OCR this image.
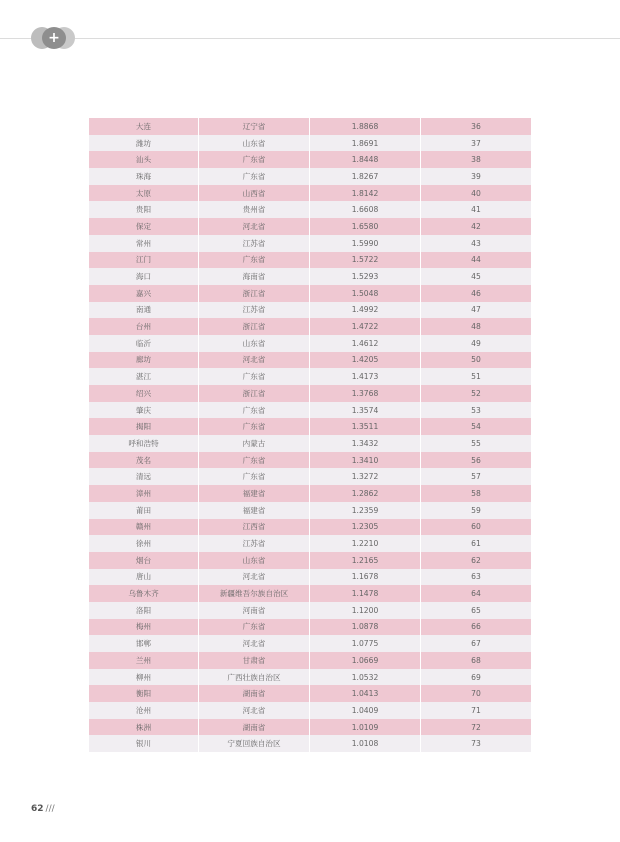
+
大连	辽宁省	1.8868	36
潍坊	山东省	1.8691	37
汕头	广东省	1.8448	38
珠海	广东省	1.8267	39
太原	山西省	1.8142	40
贵阳	贵州省	1.6608	41
保定	河北省	1.6580	42
常州	江苏省	1.5990	43
江门	广东省	1.5722	44
海口	海南省	1.5293	45
嘉兴	浙江省	1.5048	46
南通	江苏省	1.4992	47
台州	浙江省	1.4722	48
临沂	山东省	1.4612	49
廊坊	河北省	1.4205	50
湛江	广东省	1.4173	51
绍兴	浙江省	1.3768	52
肇庆	广东省	1.3574	53
揭阳	广东省	1.3511	54
呼和浩特	内蒙古	1.3432	55
茂名	广东省	1.3410	56
清远	广东省	1.3272	57
漳州	福建省	1.2862	58
莆田	福建省	1.2359	59
赣州	江西省	1.2305	60
徐州	江苏省	1.2210	61
烟台	山东省	1.2165	62
唐山	河北省	1.1678	63
乌鲁木齐	新疆维吾尔族自治区	1.1478	64
洛阳	河南省	1.1200	65
梅州	广东省	1.0878	66
邯郸	河北省	1.0775	67
兰州	甘肃省	1.0669	68
柳州	广西壮族自治区	1.0532	69
衡阳	湖南省	1.0413	70
沧州	河北省	1.0409	71
株洲	湖南省	1.0109	72
银川	宁夏回族自治区	1.0108	73
62 ///
